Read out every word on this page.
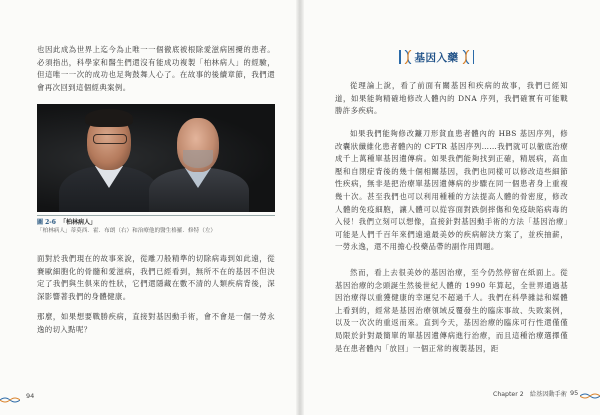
也因此成為世界上迄今為止唯一一個徹底被根除愛滋病困擾的患者。必須指出，科學家和醫生們還沒有能成功複製「柏林病人」的經驗，但這唯一一次的成功也足夠鼓舞人心了。在故事的後續章節，我們還會再次回到這個經典案例。

圖 2-6 「柏林病人」
「柏林病人」蒂莫西．霍．布朗（右）和治療他的醫生格羅．修特（左）

面對於我們現在的故事來說，從雕刀般精準的切除病毒到如此遠，從賽歐細胞化的骨髓和愛滋病，我們已經看到，無所不在的基因不但決定了我們與生俱來的性狀，它們還隱藏在數不清的人類疾病背後，深深影響著我們的身體健康。

那麼，如果想要戰勝疾病，直接對基因動手術，會不會是一個一勞永逸的切入點呢？

94
基因入藥

從理論上說，看了前面有關基因和疾病的故事，我們已經知道，如果能夠精確地修改人體內的 DNA 序列，我們確實有可能戰勝許多疾病。

如果我們能夠修改鐮刀形貧血患者體內的 HBS 基因序列，修改囊狀纖維化患者體內的 CFTR 基因序列……我們就可以徹底治療成千上萬種單基因遺傳病。如果我們能夠找到正確，精展病，高血壓和自閉症背後的幾十個相關基因，我們也同樣可以修改這些細節性疾病，無非是把治療單基因遺傳病的步驟在同一個患者身上重複幾十次。甚至我們也可以利用種種的方法提高人體的骨密度，修改人體的免疫細胞，讓人體可以從容面對跌倒摔傷和免疫缺陷病毒的入侵！我們立刻可以想像，直接針對基因動手術的方法「基因治療」可能是人們千百年來們遠遠最美妙的疾病解決方案了，並疾抽薪，一勞永逸，還不用擔心投藥品帶的副作用問題。

然而，看上去很美妙的基因治療，至今仍然停留在紙面上。從基因治療的念頭誕生然後世紀人體的 1990 年算起，全世界通過基因治療得以重獲健康的幸運兒不超過千人。我們在科學雜誌和媒體上看到的，經常是基因治療領域反覆發生的臨床事故、失敗案例，以及一次次的重返而來。直到今天，基因治療的臨床可行性還僅僅局限於針對最簡單的單基因遺傳病進行治療，而且這種治療選擇僅是在患者體內「放回」一個正常的複製基因，距

Chapter 2　給基因動手術 95
